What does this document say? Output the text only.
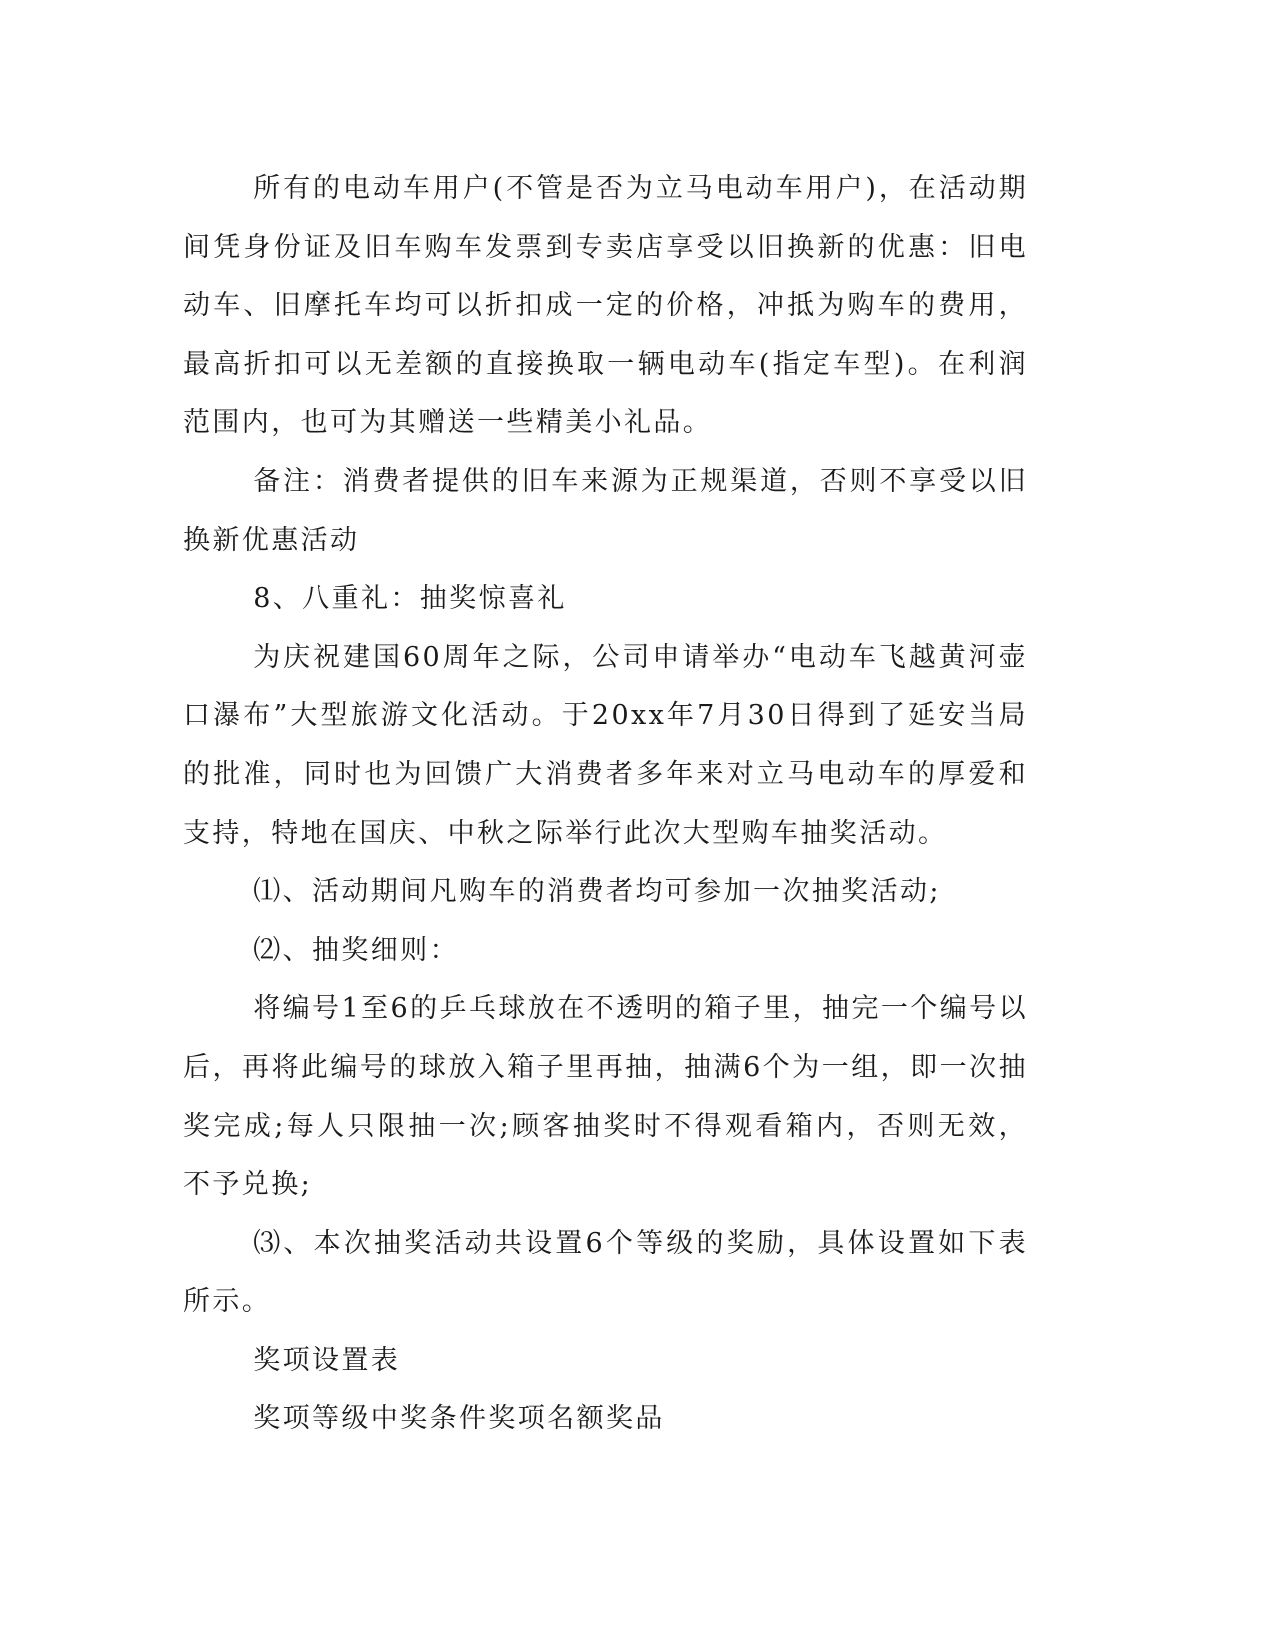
所有的电动车用户(不管是否为立马电动车用户)，在活动期间凭身份证及旧车购车发票到专卖店享受以旧换新的优惠：旧电动车、旧摩托车均可以折扣成一定的价格，冲抵为购车的费用，最高折扣可以无差额的直接换取一辆电动车(指定车型)。在利润范围内，也可为其赠送一些精美小礼品。

备注：消费者提供的旧车来源为正规渠道，否则不享受以旧换新优惠活动

8、八重礼：抽奖惊喜礼

为庆祝建国60周年之际，公司申请举办“电动车飞越黄河壶口瀑布”大型旅游文化活动。于20xx年7月30日得到了延安当局的批准，同时也为回馈广大消费者多年来对立马电动车的厚爱和支持，特地在国庆、中秋之际举行此次大型购车抽奖活动。

⑴、活动期间凡购车的消费者均可参加一次抽奖活动;

⑵、抽奖细则：

将编号1至6的乒乓球放在不透明的箱子里，抽完一个编号以后，再将此编号的球放入箱子里再抽，抽满6个为一组，即一次抽奖完成;每人只限抽一次;顾客抽奖时不得观看箱内，否则无效，不予兑换;

⑶、本次抽奖活动共设置6个等级的奖励，具体设置如下表所示。

奖项设置表

奖项等级中奖条件奖项名额奖品
